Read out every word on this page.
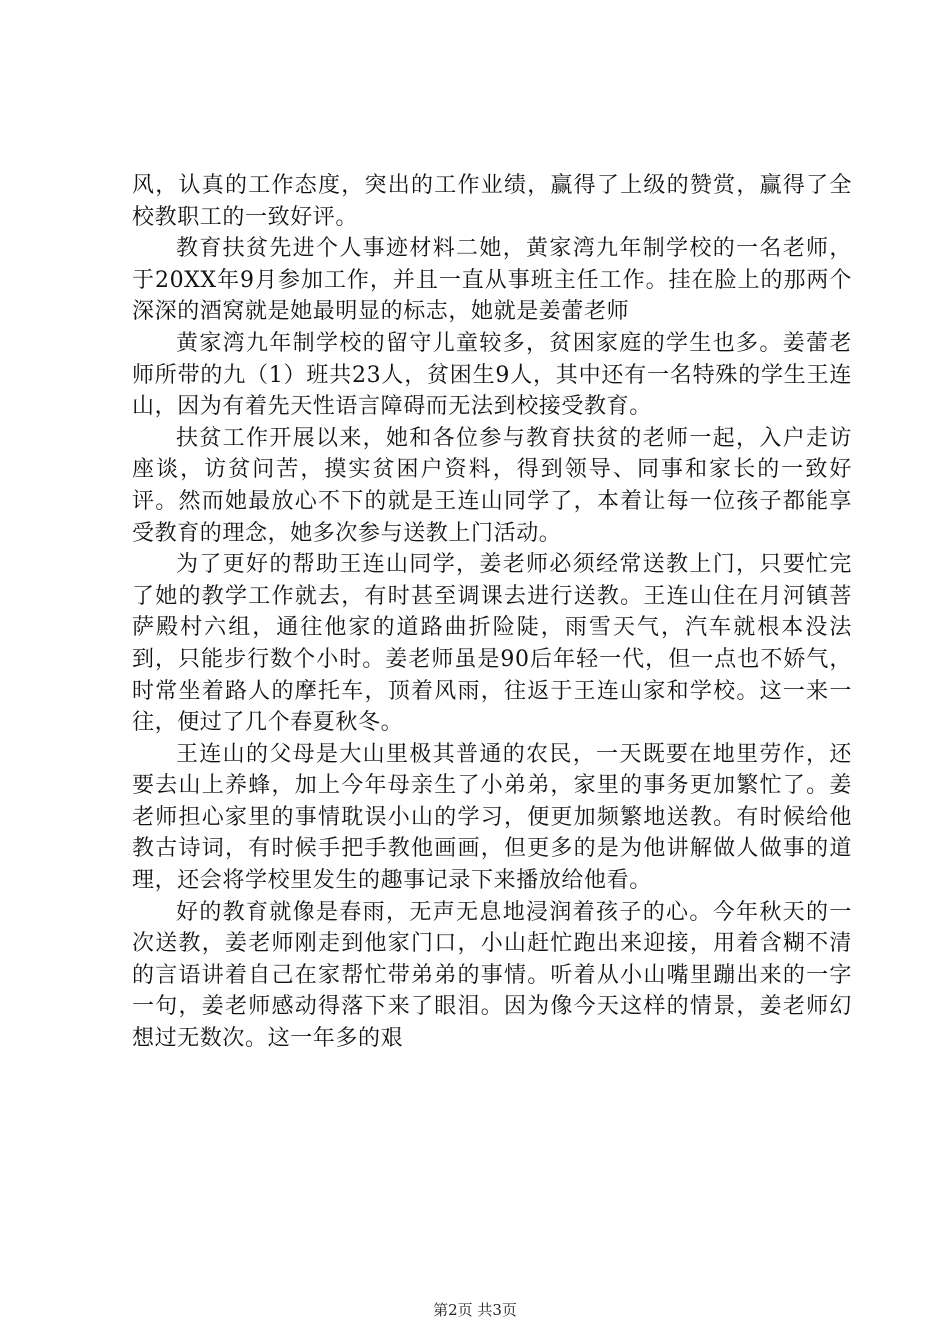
风，认真的工作态度，突出的工作业绩，赢得了上级的赞赏，赢得了全校教职工的一致好评。

教育扶贫先进个人事迹材料二她，黄家湾九年制学校的一名老师，于20XX年9月参加工作，并且一直从事班主任工作。挂在脸上的那两个深深的酒窝就是她最明显的标志，她就是姜蕾老师

黄家湾九年制学校的留守儿童较多，贫困家庭的学生也多。姜蕾老师所带的九（1）班共23人，贫困生9人，其中还有一名特殊的学生王连山，因为有着先天性语言障碍而无法到校接受教育。

扶贫工作开展以来，她和各位参与教育扶贫的老师一起，入户走访座谈，访贫问苦，摸实贫困户资料，得到领导、同事和家长的一致好评。然而她最放心不下的就是王连山同学了，本着让每一位孩子都能享受教育的理念，她多次参与送教上门活动。

为了更好的帮助王连山同学，姜老师必须经常送教上门，只要忙完了她的教学工作就去，有时甚至调课去进行送教。王连山住在月河镇菩萨殿村六组，通往他家的道路曲折险陡，雨雪天气，汽车就根本没法到，只能步行数个小时。姜老师虽是90后年轻一代，但一点也不娇气，时常坐着路人的摩托车，顶着风雨，往返于王连山家和学校。这一来一往，便过了几个春夏秋冬。

王连山的父母是大山里极其普通的农民，一天既要在地里劳作，还要去山上养蜂，加上今年母亲生了小弟弟，家里的事务更加繁忙了。姜老师担心家里的事情耽误小山的学习，便更加频繁地送教。有时候给他教古诗词，有时候手把手教他画画，但更多的是为他讲解做人做事的道理，还会将学校里发生的趣事记录下来播放给他看。

好的教育就像是春雨，无声无息地浸润着孩子的心。今年秋天的一次送教，姜老师刚走到他家门口，小山赶忙跑出来迎接，用着含糊不清的言语讲着自己在家帮忙带弟弟的事情。听着从小山嘴里蹦出来的一字一句，姜老师感动得落下来了眼泪。因为像今天这样的情景，姜老师幻想过无数次。这一年多的艰

第2页 共3页
